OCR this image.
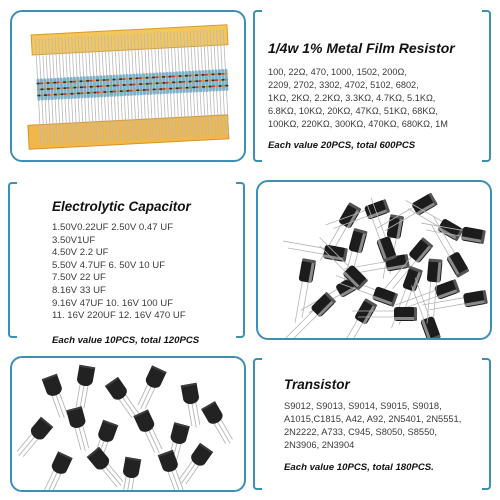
1/4w 1% Metal Film Resistor
100, 22Ω, 470, 1000, 1502, 200Ω,
2209, 2702, 3302, 4702, 5102, 6802,
1KΩ, 2KΩ, 2.2KΩ, 3.3KΩ, 4.7KΩ, 5.1KΩ,
6.8KΩ, 10KΩ, 20KΩ, 47KΩ, 51KΩ, 68KΩ,
100KΩ, 220KΩ, 300KΩ, 470KΩ, 680KΩ, 1M
Each value 20PCS, total 600PCS
Electrolytic Capacitor
1.50V0.22UF 2.50V 0.47 UF
3.50V1UF
4.50V 2.2 UF
5.50V 4.7UF 6. 50V 10 UF
7.50V 22 UF
8.16V 33 UF
9.16V 47UF 10. 16V 100 UF
11. 16V 220UF 12. 16V 470 UF
Each value 10PCS, total 120PCS
Transistor
S9012, S9013, S9014, S9015, S9018,
A1015,C1815, A42, A92, 2N5401, 2N5551,
2N2222, A733, C945, S8050, S8550,
2N3906, 2N3904
Each value 10PCS, total 180PCS.
